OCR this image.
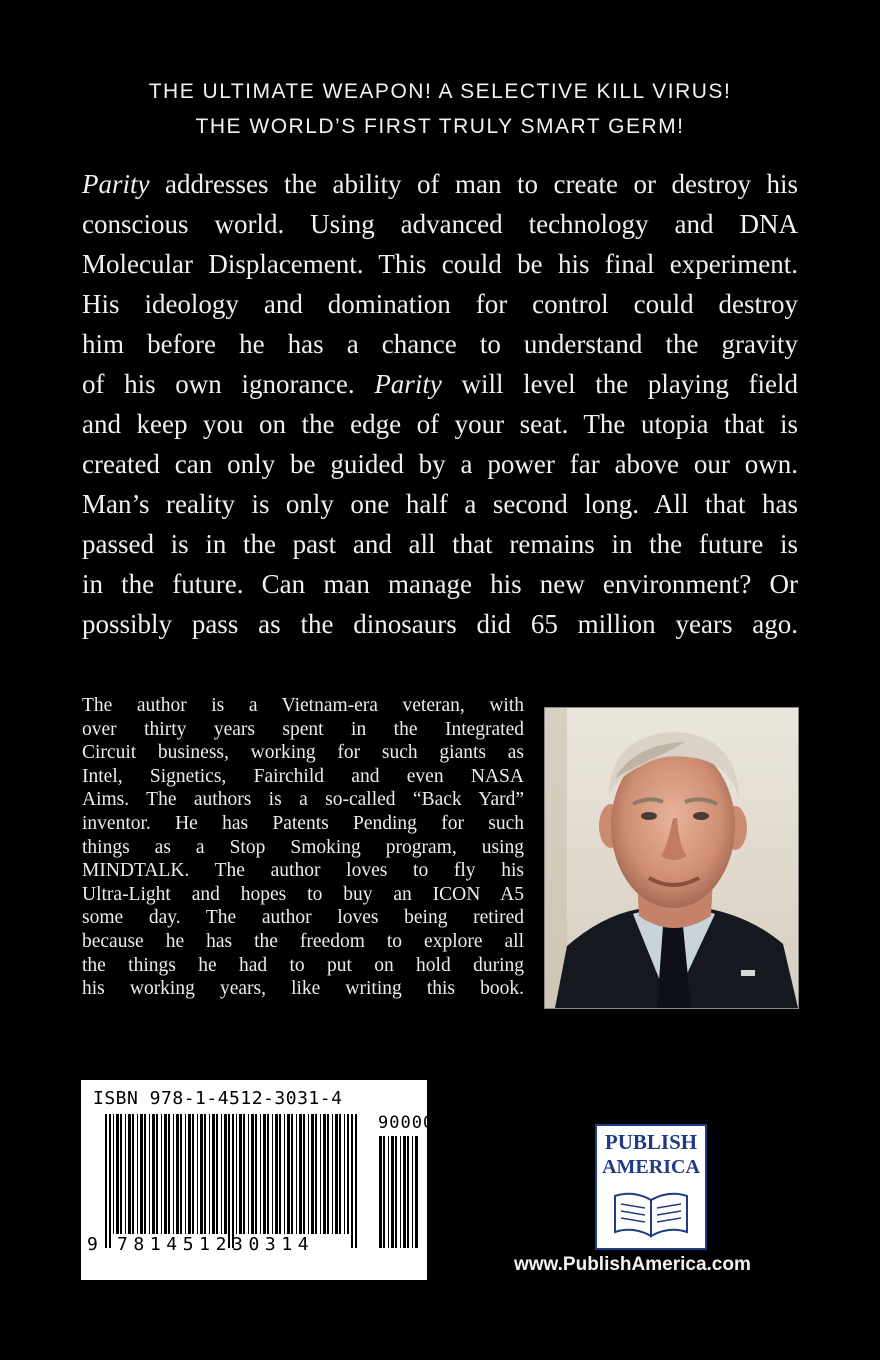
THE ULTIMATE WEAPON! A SELECTIVE KILL VIRUS!
THE WORLD’S FIRST TRULY SMART GERM!
Parity addresses the ability of man to create or destroy his
conscious world. Using advanced technology and DNA
Molecular Displacement. This could be his final experiment.
His ideology and domination for control could destroy
him before he has a chance to understand the gravity
of his own ignorance. Parity will level the playing field
and keep you on the edge of your seat. The utopia that is
created can only be guided by a power far above our own.
Man’s reality is only one half a second long. All that has
passed is in the past and all that remains in the future is
in the future. Can man manage his new environment? Or
possibly pass as the dinosaurs did 65 million years ago.
The author is a Vietnam-era veteran, with
over thirty years spent in the Integrated
Circuit business, working for such giants as
Intel, Signetics, Fairchild and even NASA
Aims. The authors is a so-called “Back Yard”
inventor. He has Patents Pending for such
things as a Stop Smoking program, using
MINDTALK. The author loves to fly his
Ultra-Light and hopes to buy an ICON A5
some day. The author loves being retired
because he has the freedom to explore all
the things he had to put on hold during
his working years, like writing this book.
ISBN 978-1-4512-3031-4
90000
9 781451230314
PUBLISH
AMERICA
www.PublishAmerica.com
